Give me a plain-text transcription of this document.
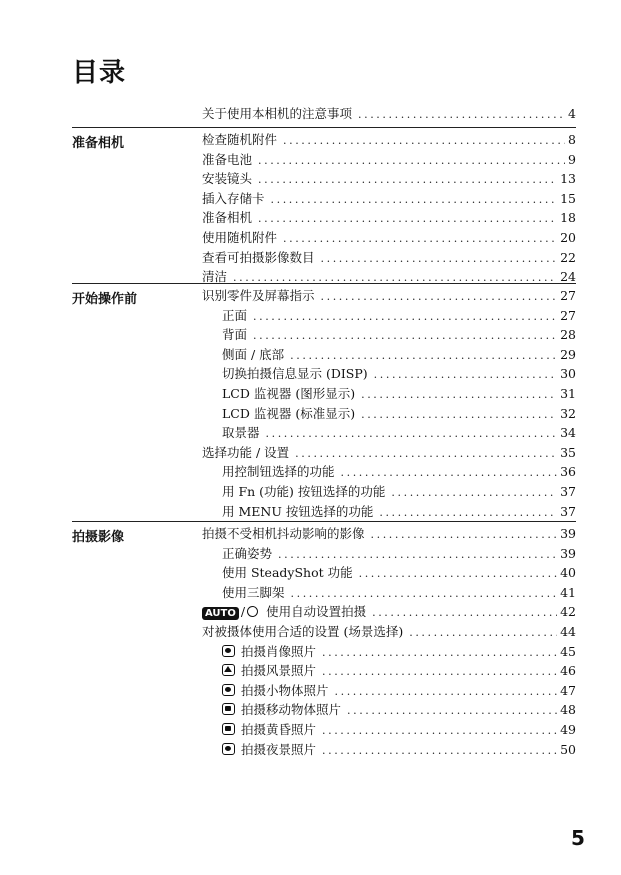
目录
关于使用本相机的注意事项 .....	4
准备相机	检查随机附件 .....	8
准备电池 .....	9
安装镜头 .....	13
插入存储卡 .....	15
准备相机 .....	18
使用随机附件 .....	20
查看可拍摄影像数目 .....	22
清洁 .....	24
开始操作前	识别零件及屏幕指示 .....	27
正面 .....	27
背面 .....	28
侧面 / 底部 .....	29
切换拍摄信息显示 (DISP) .....	30
LCD 监视器 (图形显示) .....	31
LCD 监视器 (标准显示) .....	32
取景器 .....	34
选择功能 / 设置 .....	35
用控制钮选择的功能 .....	36
用 Fn (功能) 按钮选择的功能 .....	37
用 MENU 按钮选择的功能 .....	37
拍摄影像	拍摄不受相机抖动影响的影像 .....	39
正确姿势 .....	39
使用 SteadyShot 功能 .....	40
使用三脚架 .....	41
AUTO / 使用自动设置拍摄 .....	42
对被摄体使用合适的设置 (场景选择) .....	44
拍摄肖像照片 .....	45
拍摄风景照片 .....	46
拍摄小物体照片 .....	47
拍摄移动物体照片 .....	48
拍摄黄昏照片 .....	49
拍摄夜景照片 .....	50
5
